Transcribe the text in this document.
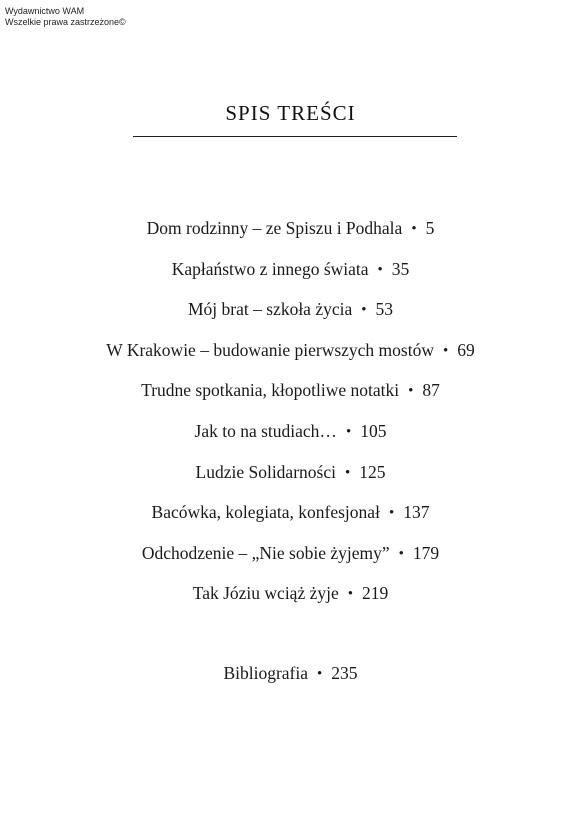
Wydawnictwo WAM
Wszelkie prawa zastrzeżone©
SPIS TREŚCI
Dom rodzinny – ze Spiszu i Podhala • 5
Kapłaństwo z innego świata • 35
Mój brat – szkoła życia • 53
W Krakowie – budowanie pierwszych mostów • 69
Trudne spotkania, kłopotliwe notatki • 87
Jak to na studiach… • 105
Ludzie Solidarności • 125
Bacówka, kolegiata, konfesjonał • 137
Odchodzenie – „Nie sobie żyjemy” • 179
Tak Józiu wciąż żyje • 219
Bibliografia • 235
